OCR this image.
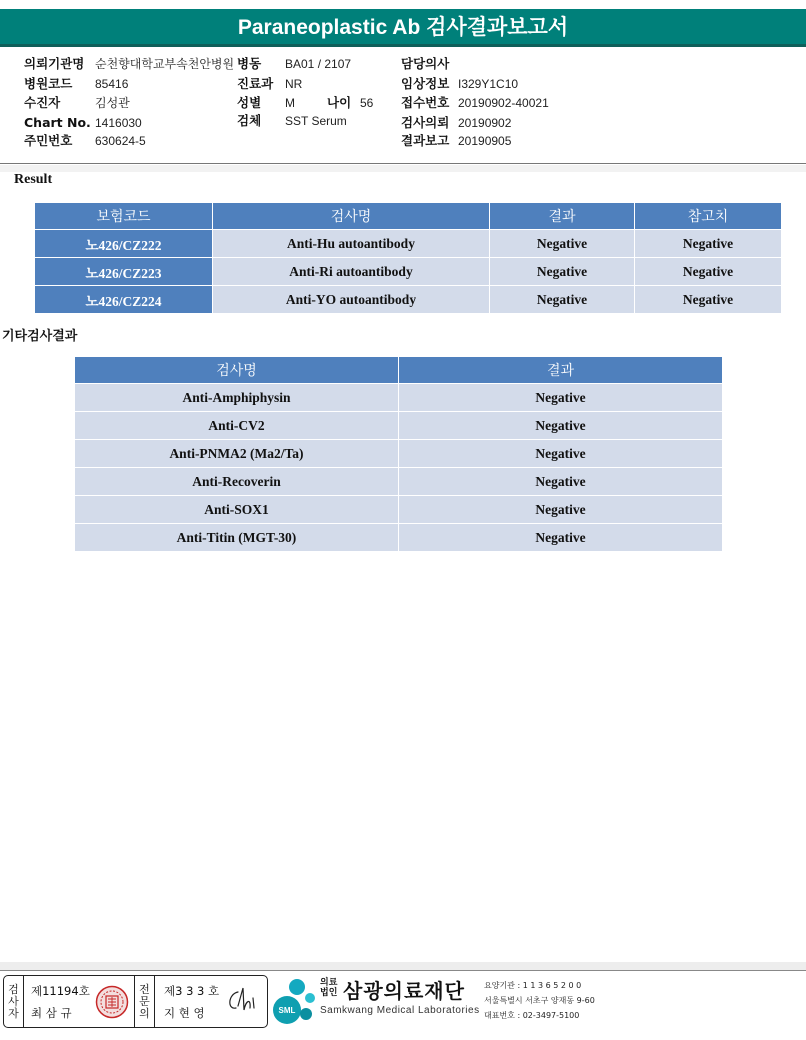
Paraneoplastic Ab 검사결과보고서
의뢰기관명 순천향대학교부속천안병원 병동 BA01 / 2107	담당의사
병원코드 85416	진료과 NR	임상정보 I329Y1C10
수진자	김성관	성별 M	나이 56 접수번호 20190902-40021
Chart No. 1416030	검체 SST Serum	검사의뢰 20190902
주민번호 630624-5	결과보고 20190905
Result
보험코드	검사명	결과	참고치
노426/CZ222	Anti-Hu autoantibody	Negative	Negative
노426/CZ223	Anti-Ri autoantibody	Negative	Negative
노426/CZ224	Anti-YO autoantibody	Negative	Negative
기타검사결과
검사명	결과
Anti-Amphiphysin	Negative
Anti-CV2	Negative
Anti-PNMA2 (Ma2/Ta)	Negative
Anti-Recoverin	Negative
Anti-SOX1	Negative
Anti-Titin (MGT-30)	Negative
검
사
자
제11194호
최 삼 규
전
문
의
제3 3 3 호
지 현 영	SML
의료 법인 삼광의료재단
Samkwang Medical Laboratories
요양기관 : 1 1 3 6 5 2 0 0
서울특별시 서초구 양재동 9-60
대표번호 : 02-3497-5100
